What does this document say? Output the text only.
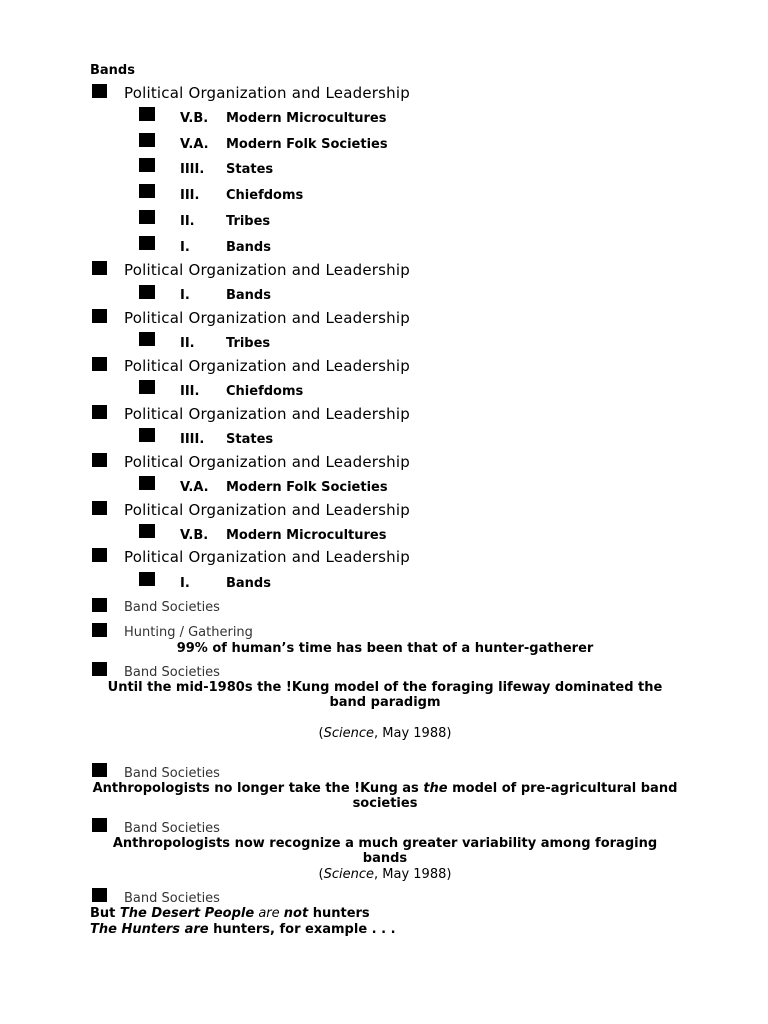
Bands
Political Organization and Leadership
V.B. Modern Microcultures
V.A. Modern Folk Societies
IIII. States
III. Chiefdoms
II. Tribes
I.	Bands
Political Organization and Leadership
I.	Bands
Political Organization and Leadership
II. Tribes
Political Organization and Leadership
III. Chiefdoms
Political Organization and Leadership
IIII. States
Political Organization and Leadership
V.A. Modern Folk Societies
Political Organization and Leadership
V.B. Modern Microcultures
Political Organization and Leadership
I.	Bands
Band Societies
Hunting / Gathering
99% of human’s time has been that of a hunter-gatherer
Band Societies
Until the mid-1980s the !Kung model of the foraging lifeway dominated the band paradigm
(Science, May 1988)
Band Societies
Anthropologists no longer take the !Kung as the model of pre-agricultural band societies
Band Societies
Anthropologists now recognize a much greater variability among foraging bands
(Science, May 1988)
Band Societies
But The Desert People are not hunters
The Hunters are hunters, for example . . .
